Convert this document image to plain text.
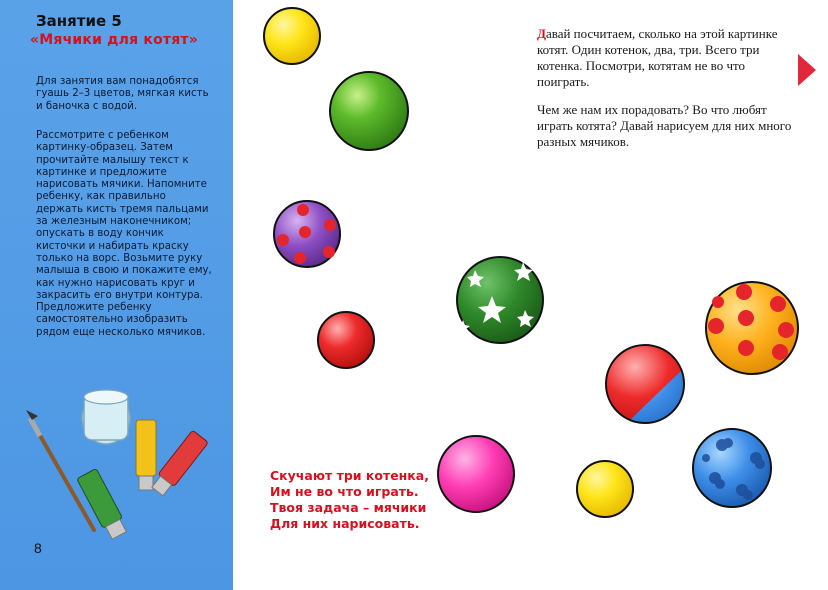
Занятие 5
«Мячики для котят»
Для занятия вам понадобятся гуашь 2–3 цветов, мягкая кисть и баночка с водой.
Рассмотрите с ребенком картинку-образец. Затем прочитайте малышу текст к картинке и предложите нарисовать мячики. Напомните ребенку, как правильно держать кисть тремя пальцами за железным наконечником; опускать в воду кончик кисточки и набирать краску только на ворс. Возьмите руку малыша в свою и покажите ему, как нужно нарисовать круг и закрасить его внутри контура. Предложите ребенку самостоятельно изобразить рядом еще несколько мячиков.
8

Давай посчитаем, сколько на этой картинке котят. Один котенок, два, три. Всего три котенка. Посмотри, котятам не во что поиграть.

Чем же нам их порадовать? Во что любят играть котята? Давай нарисуем для них много разных мячиков.

Скучают три котенка,
Им не во что играть.
Твоя задача – мячики
Для них нарисовать.
